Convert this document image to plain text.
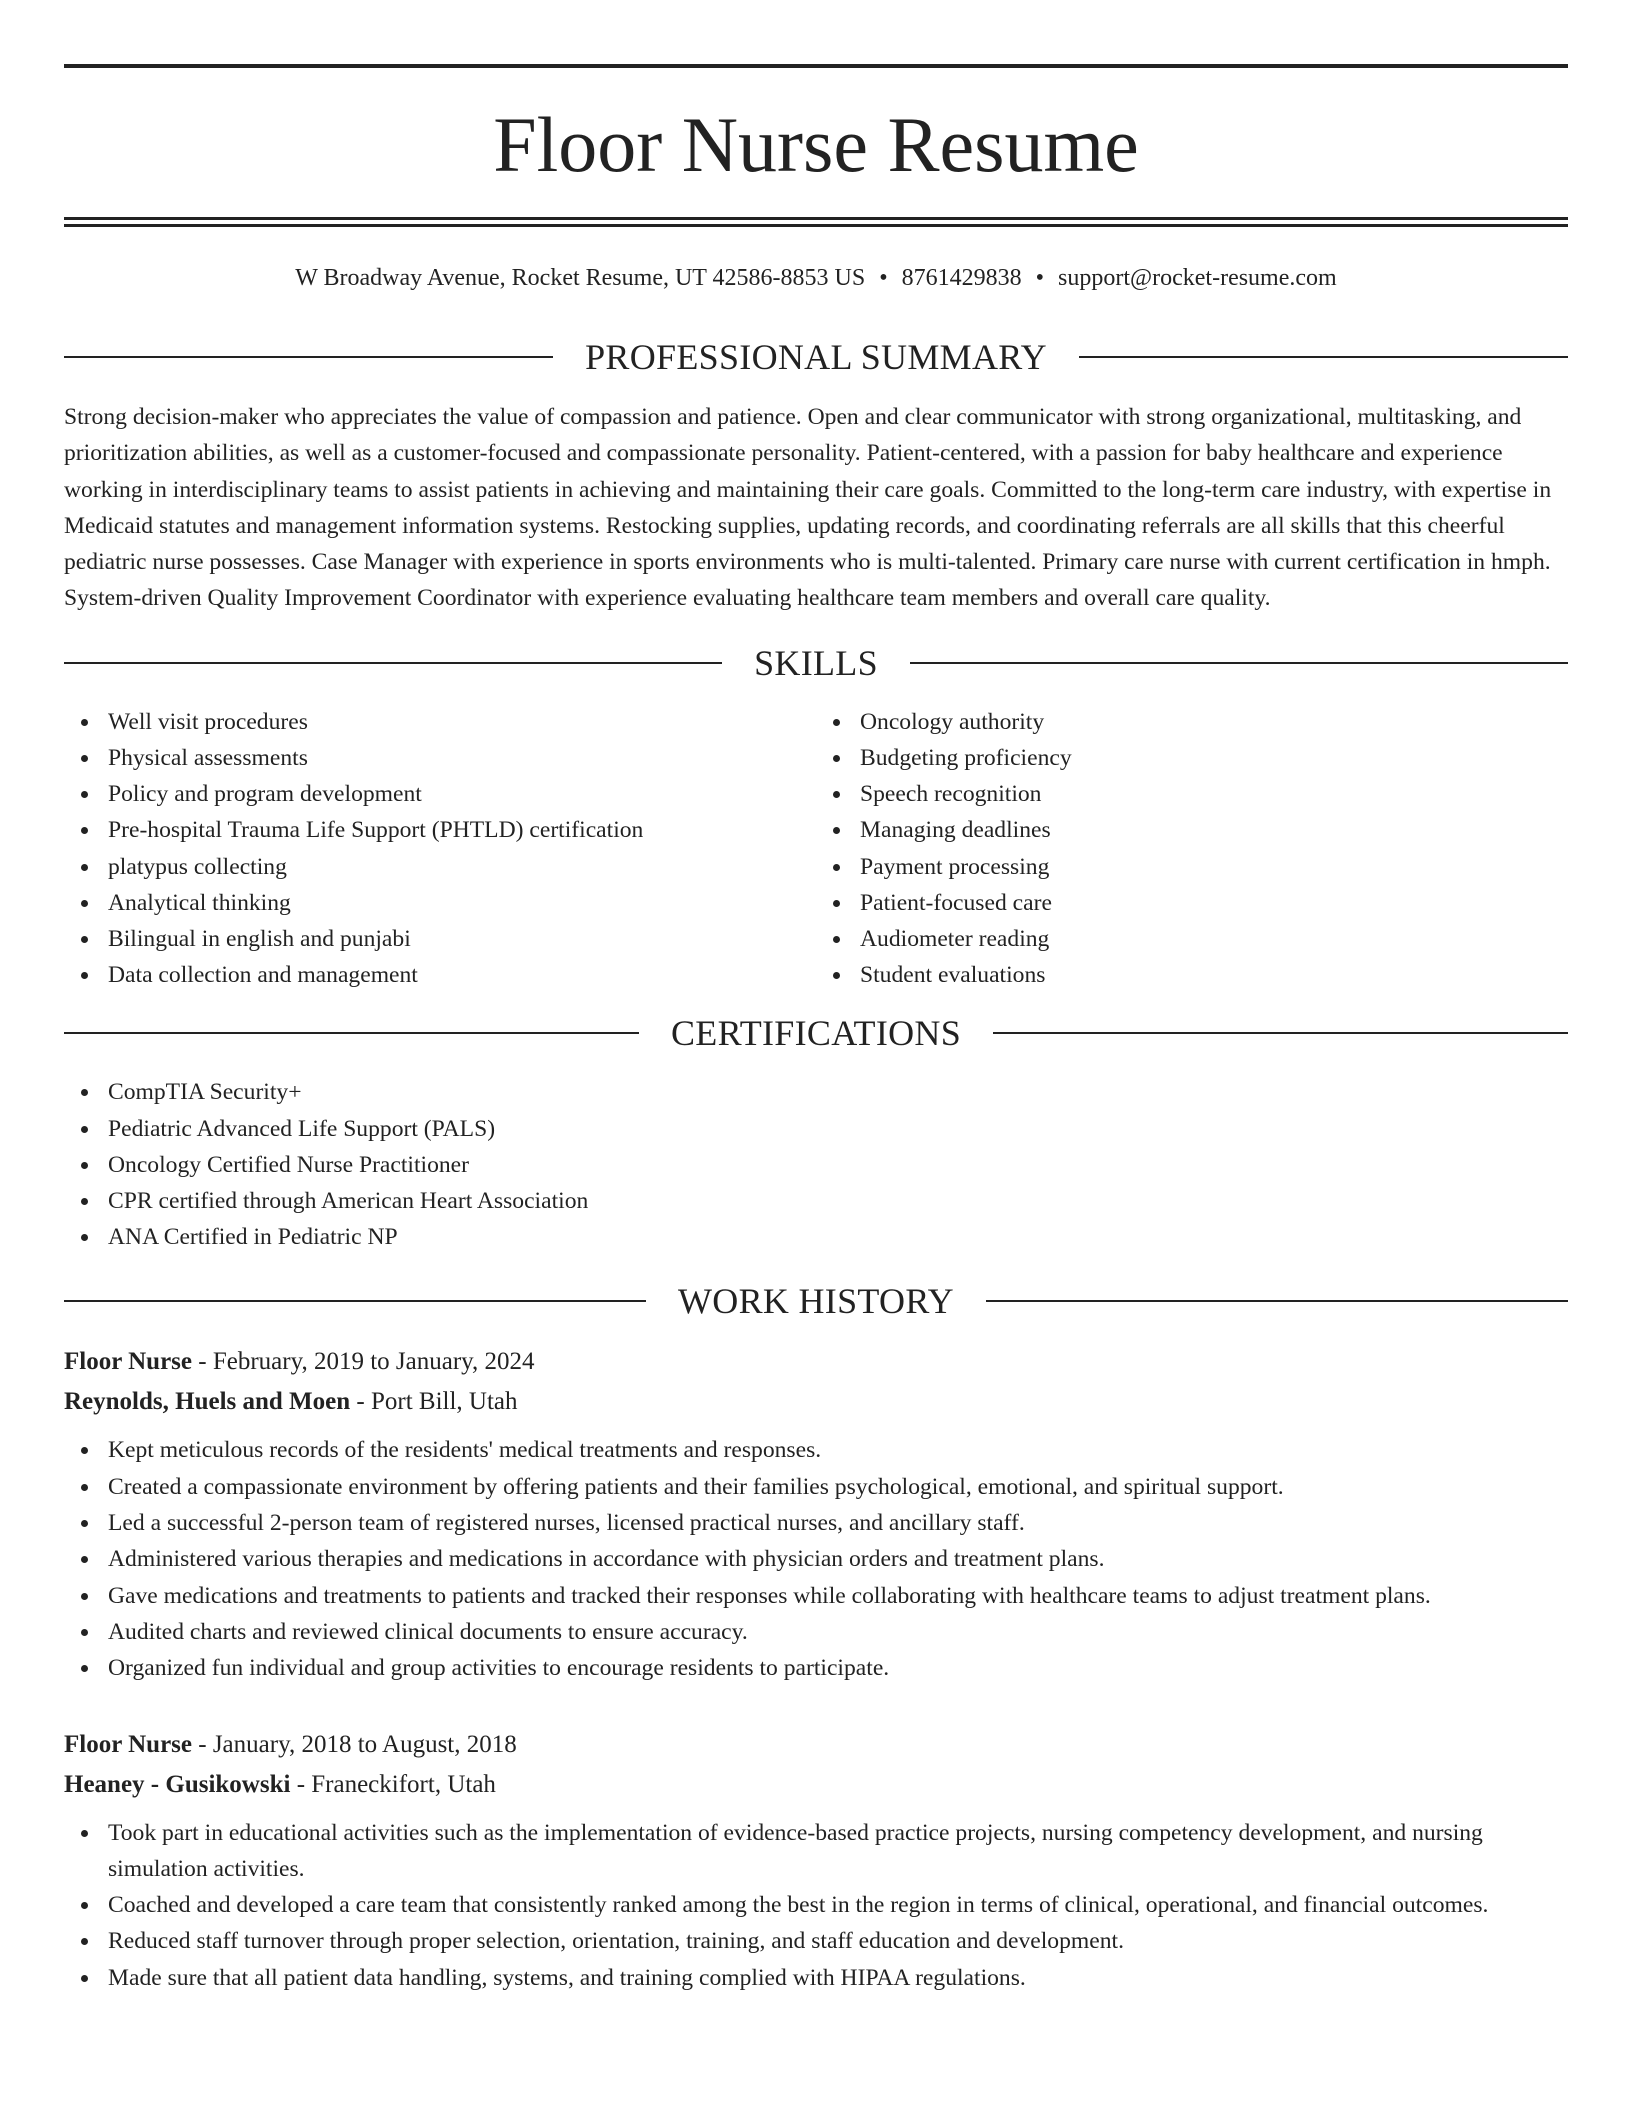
Floor Nurse Resume
W Broadway Avenue, Rocket Resume, UT 42586-8853 US • 8761429838 • support@rocket-resume.com
PROFESSIONAL SUMMARY
Strong decision-maker who appreciates the value of compassion and patience. Open and clear communicator with strong organizational, multitasking, and prioritization abilities, as well as a customer-focused and compassionate personality. Patient-centered, with a passion for baby healthcare and experience working in interdisciplinary teams to assist patients in achieving and maintaining their care goals. Committed to the long-term care industry, with expertise in Medicaid statutes and management information systems. Restocking supplies, updating records, and coordinating referrals are all skills that this cheerful pediatric nurse possesses. Case Manager with experience in sports environments who is multi-talented. Primary care nurse with current certification in hmph. System-driven Quality Improvement Coordinator with experience evaluating healthcare team members and overall care quality.
SKILLS
Well visit procedures
Physical assessments
Policy and program development
Pre-hospital Trauma Life Support (PHTLD) certification
platypus collecting
Analytical thinking
Bilingual in english and punjabi
Data collection and management
Oncology authority
Budgeting proficiency
Speech recognition
Managing deadlines
Payment processing
Patient-focused care
Audiometer reading
Student evaluations
CERTIFICATIONS
CompTIA Security+
Pediatric Advanced Life Support (PALS)
Oncology Certified Nurse Practitioner
CPR certified through American Heart Association
ANA Certified in Pediatric NP
WORK HISTORY
Floor Nurse - February, 2019 to January, 2024
Reynolds, Huels and Moen - Port Bill, Utah
Kept meticulous records of the residents' medical treatments and responses.
Created a compassionate environment by offering patients and their families psychological, emotional, and spiritual support.
Led a successful 2-person team of registered nurses, licensed practical nurses, and ancillary staff.
Administered various therapies and medications in accordance with physician orders and treatment plans.
Gave medications and treatments to patients and tracked their responses while collaborating with healthcare teams to adjust treatment plans.
Audited charts and reviewed clinical documents to ensure accuracy.
Organized fun individual and group activities to encourage residents to participate.
Floor Nurse - January, 2018 to August, 2018
Heaney - Gusikowski - Franeckifort, Utah
Took part in educational activities such as the implementation of evidence-based practice projects, nursing competency development, and nursing simulation activities.
Coached and developed a care team that consistently ranked among the best in the region in terms of clinical, operational, and financial outcomes.
Reduced staff turnover through proper selection, orientation, training, and staff education and development.
Made sure that all patient data handling, systems, and training complied with HIPAA regulations.
